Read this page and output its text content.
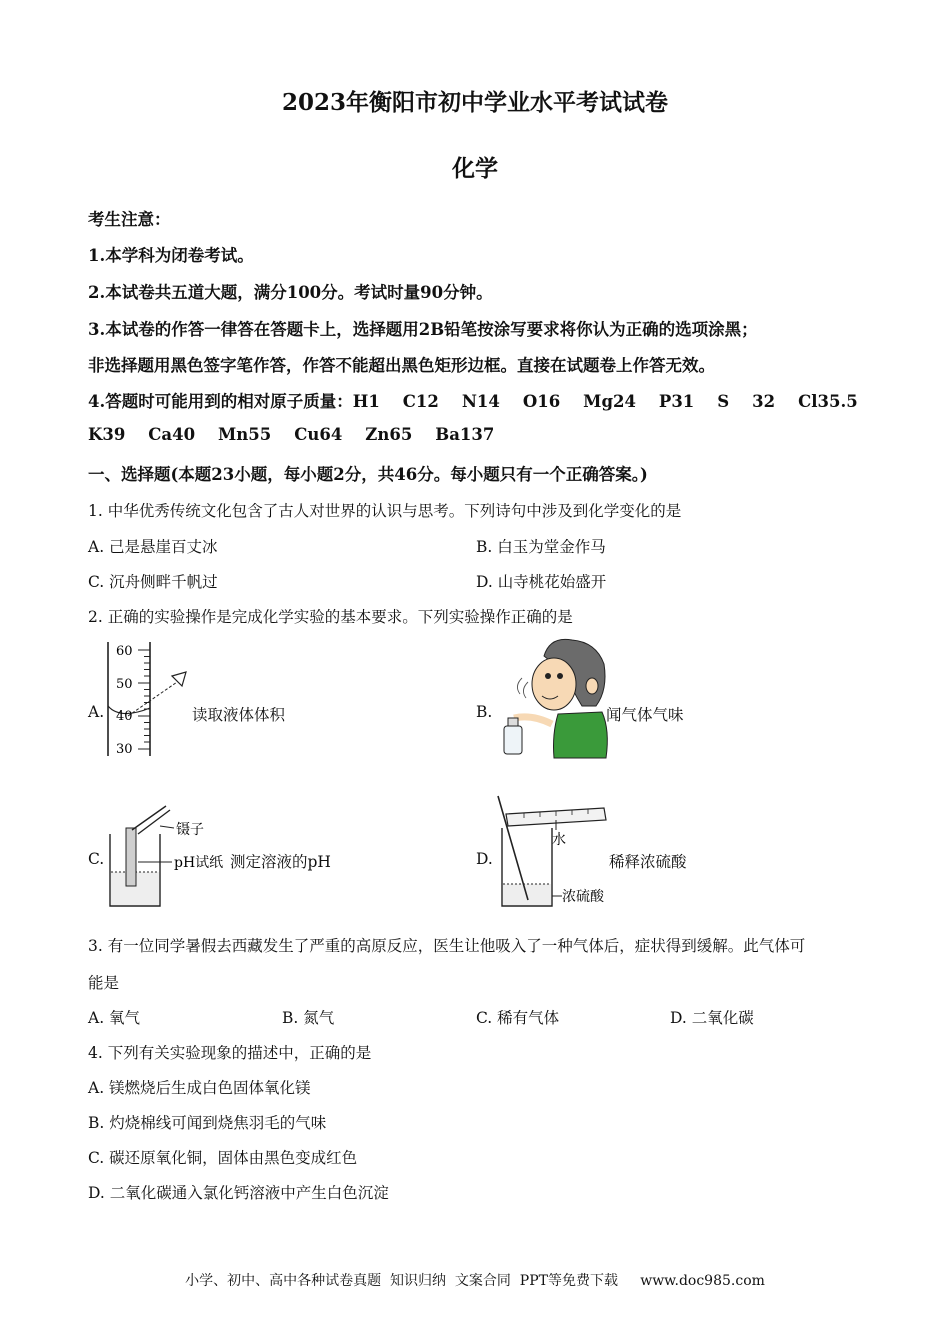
2023年衡阳市初中学业水平考试试卷
化学
考生注意：
1.本学科为闭卷考试。
2.本试卷共五道大题，满分100分。考试时量90分钟。
3.本试卷的作答一律答在答题卡上，选择题用2B铅笔按涂写要求将你认为正确的选项涂黑；
非选择题用黑色签字笔作答，作答不能超出黑色矩形边框。直接在试题卷上作答无效。
4.答题时可能用到的相对原子质量：H1    C12    N14    O16    Mg24    P31    S    32    Cl35.5
K39    Ca40    Mn55    Cu64    Zn65    Ba137
一、选择题(本题23小题，每小题2分，共46分。每小题只有一个正确答案。)
1. 中华优秀传统文化包含了古人对世界的认识与思考。下列诗句中涉及到化学变化的是
A. 己是悬崖百丈冰	B. 白玉为堂金作马
C. 沉舟侧畔千帆过	D. 山寺桃花始盛开
2. 正确的实验操作是完成化学实验的基本要求。下列实验操作正确的是
A.
60
50
40
30
读取液体体积	B.	闻气体气味
C.
镊子
pH试纸 测定溶液的pH	D.
水
浓硫酸
稀释浓硫酸
3. 有一位同学暑假去西藏发生了严重的高原反应，医生让他吸入了一种气体后，症状得到缓解。此气体可
能是
A. 氧气	B. 氮气	C. 稀有气体	D. 二氧化碳
4. 下列有关实验现象的描述中，正确的是
A. 镁燃烧后生成白色固体氧化镁
B. 灼烧棉线可闻到烧焦羽毛的气味
C. 碳还原氧化铜，固体由黑色变成红色
D. 二氧化碳通入氯化钙溶液中产生白色沉淀
小学、初中、高中各种试卷真题  知识归纳  文案合同  PPT等免费下载     www.doc985.com
